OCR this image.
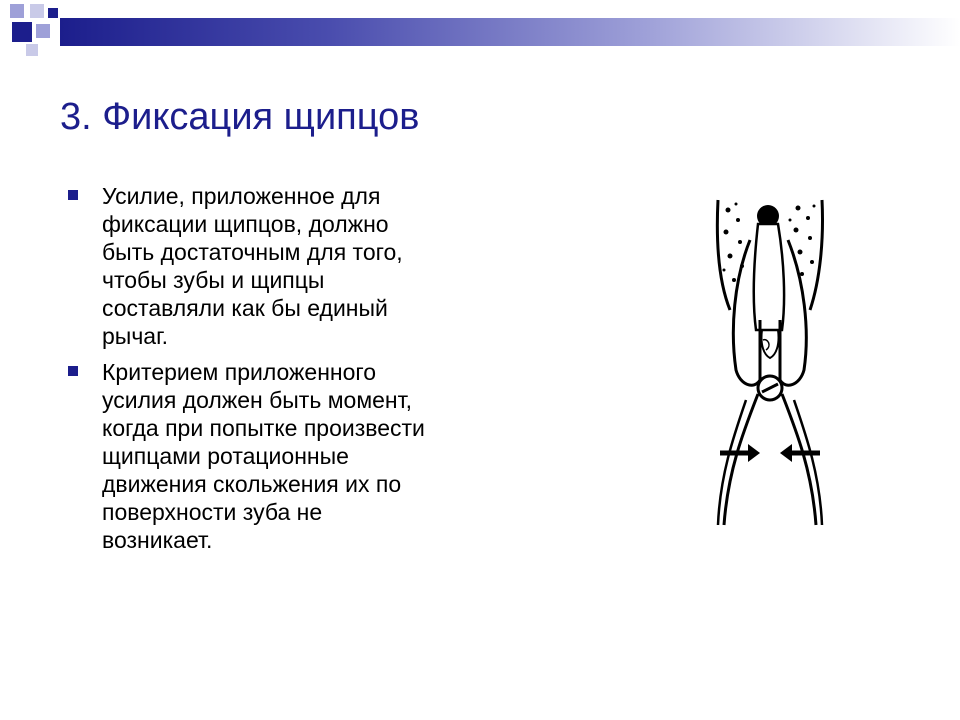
3. Фиксация щипцов
Усилие, приложенное для
фиксации щипцов, должно
быть достаточным для того,
чтобы зубы и щипцы
составляли как бы единый
рычаг.
Критерием приложенного
усилия должен быть момент,
когда при попытке произвести
щипцами ротационные
движения скольжения их по
поверхности зуба не
возникает.
